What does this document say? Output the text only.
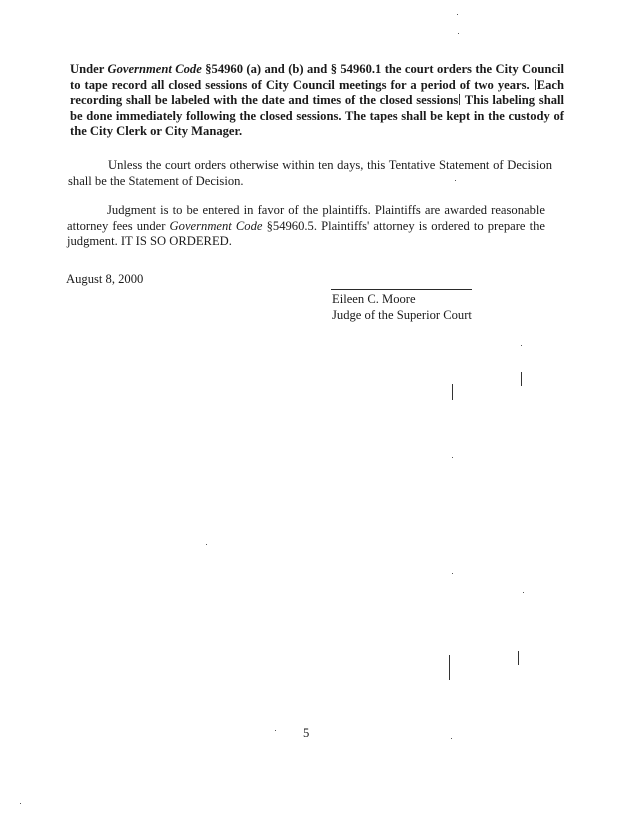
Under Government Code §54960 (a) and (b) and § 54960.1 the court orders the City Council to tape record all closed sessions of City Council meetings for a period of two years. Each recording shall be labeled with the date and times of the closed sessions This labeling shall be done immediately following the closed sessions. The tapes shall be kept in the custody of the City Clerk or City Manager.

Unless the court orders otherwise within ten days, this Tentative Statement of Decision shall be the Statement of Decision.

Judgment is to be entered in favor of the plaintiffs. Plaintiffs are awarded reasonable attorney fees under Government Code §54960.5. Plaintiffs' attorney is ordered to prepare the judgment. IT IS SO ORDERED.

August 8, 2000
Eileen C. Moore
Judge of the Superior Court
5
